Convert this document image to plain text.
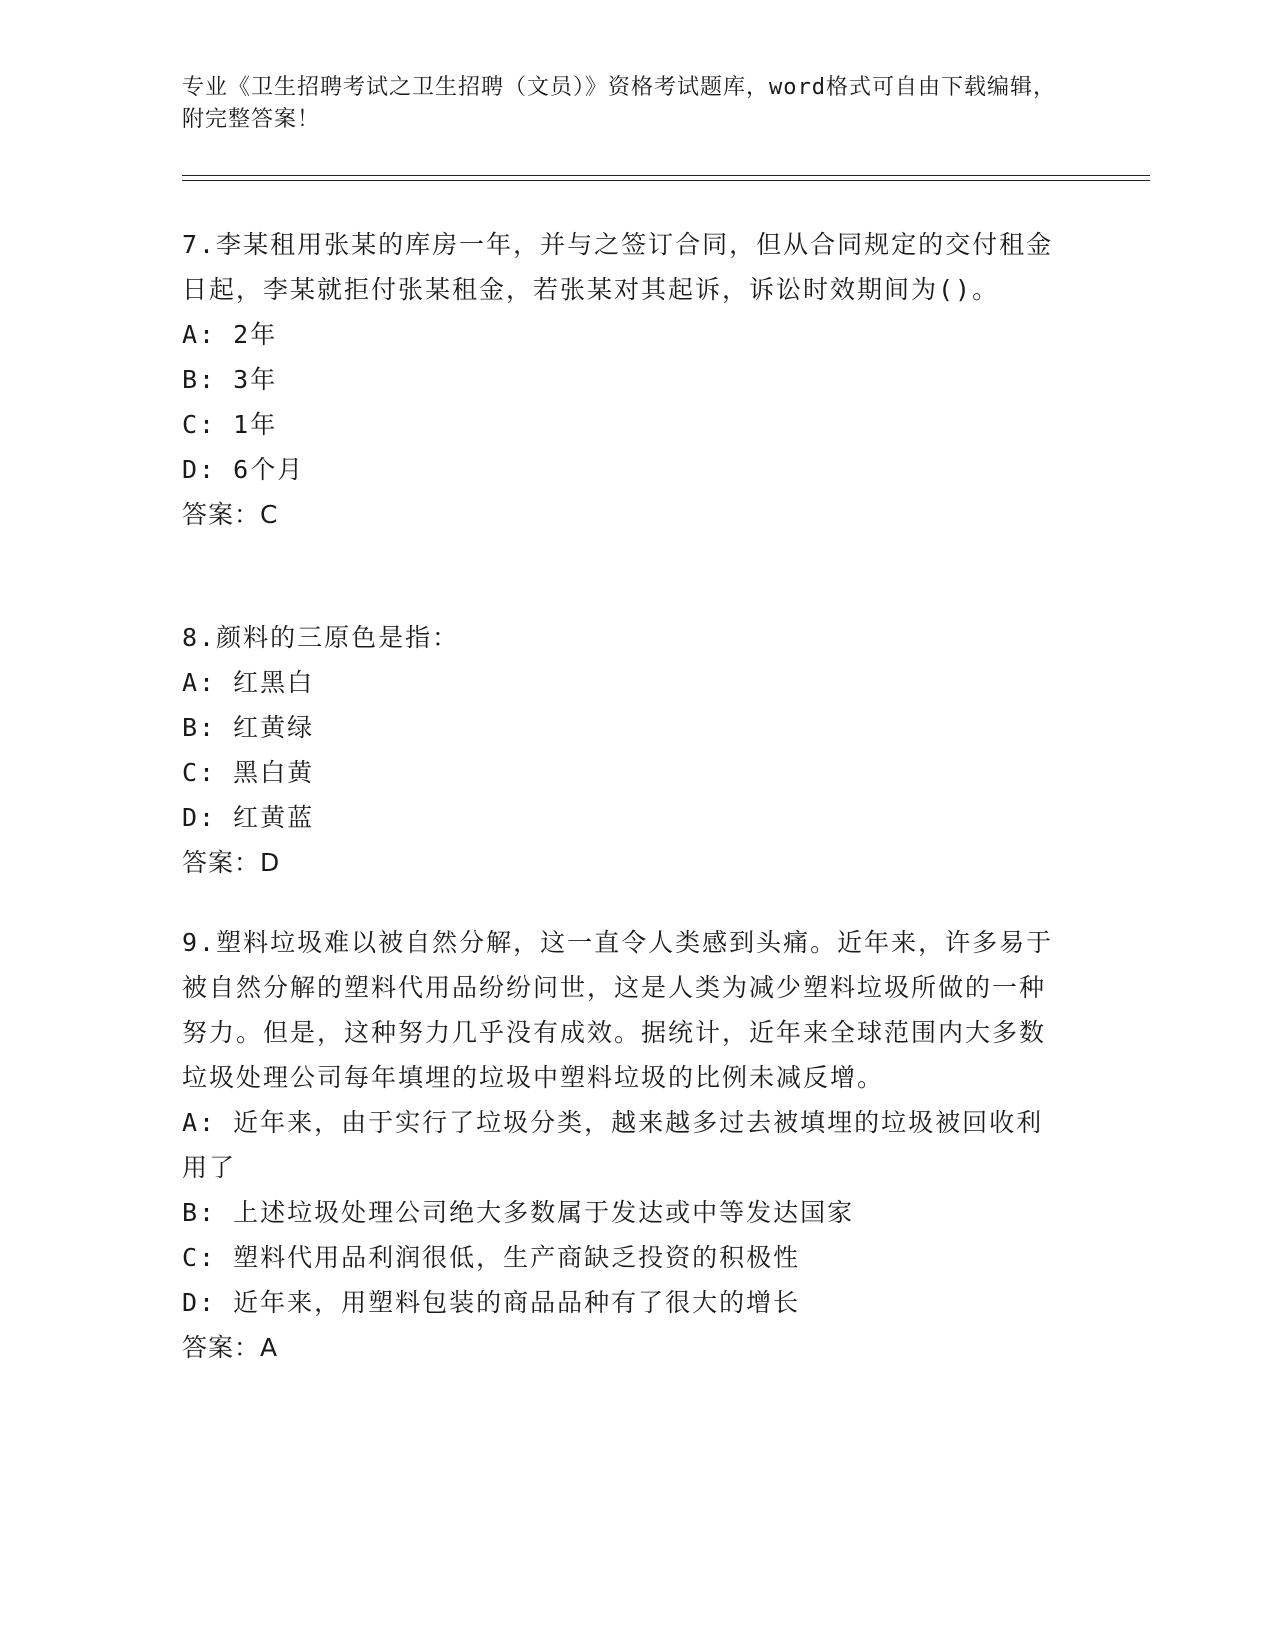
专业《卫生招聘考试之卫生招聘（文员）》资格考试题库，word格式可自由下载编辑，附完整答案！
7.李某租用张某的库房一年，并与之签订合同，但从合同规定的交付租金日起，李某就拒付张某租金，若张某对其起诉，诉讼时效期间为()。
A: 2年
B: 3年
C: 1年
D: 6个月
答案：C
8.颜料的三原色是指：
A: 红黑白
B: 红黄绿
C: 黑白黄
D: 红黄蓝
答案：D
9.塑料垃圾难以被自然分解，这一直令人类感到头痛。近年来，许多易于被自然分解的塑料代用品纷纷问世，这是人类为减少塑料垃圾所做的一种努力。但是，这种努力几乎没有成效。据统计，近年来全球范围内大多数垃圾处理公司每年填埋的垃圾中塑料垃圾的比例未减反增。
A: 近年来，由于实行了垃圾分类，越来越多过去被填埋的垃圾被回收利用了
B: 上述垃圾处理公司绝大多数属于发达或中等发达国家
C: 塑料代用品利润很低，生产商缺乏投资的积极性
D: 近年来，用塑料包装的商品品种有了很大的增长
答案：A
